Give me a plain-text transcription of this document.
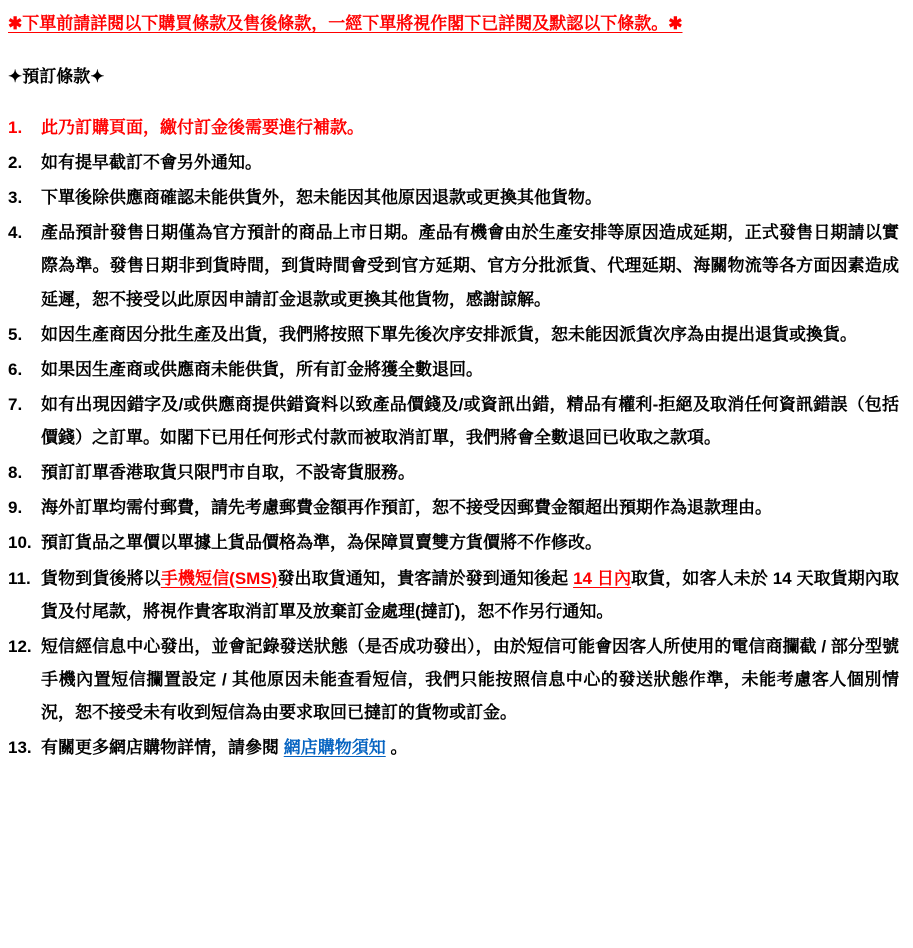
✱下單前請詳閱以下購買條款及售後條款，一經下單將視作閣下已詳閱及默認以下條款。✱
✦預訂條款✦
1.	此乃訂購頁面，繳付訂金後需要進行補款。
2.	如有提早截訂不會另外通知。
3.	下單後除供應商確認未能供貨外，恕未能因其他原因退款或更換其他貨物。
4.	產品預計發售日期僅為官方預計的商品上市日期。產品有機會由於生產安排等原因造成延期，正式發售日期請以實際為準。發售日期非到貨時間，到貨時間會受到官方延期、官方分批派貨、代理延期、海關物流等各方面因素造成延遲，恕不接受以此原因申請訂金退款或更換其他貨物，感謝諒解。
5.	如因生產商因分批生產及出貨，我們將按照下單先後次序安排派貨，恕未能因派貨次序為由提出退貨或換貨。
6.	如果因生產商或供應商未能供貨，所有訂金將獲全數退回。
7.	如有出現因錯字及/或供應商提供錯資料以致產品價錢及/或資訊出錯，精品有權利-拒絕及取消任何資訊錯誤（包括價錢）之訂單。如閣下已用任何形式付款而被取消訂單，我們將會全數退回已收取之款項。
8.	預訂訂單香港取貨只限門市自取，不設寄貨服務。
9.	海外訂單均需付郵費，請先考慮郵費金額再作預訂，恕不接受因郵費金額超出預期作為退款理由。
10. 預訂貨品之單價以單據上貨品價格為準，為保障買賣雙方貨價將不作修改。
11. 貨物到貨後將以手機短信(SMS)發出取貨通知，貴客請於發到通知後起 14 日內取貨，如客人未於 14 天取貨期內取貨及付尾款，將視作貴客取消訂單及放棄訂金處理(撻訂)，恕不作另行通知。
12. 短信經信息中心發出，並會記錄發送狀態（是否成功發出），由於短信可能會因客人所使用的電信商攔截 / 部分型號手機內置短信攔置設定 / 其他原因未能查看短信，我們只能按照信息中心的發送狀態作準，未能考慮客人個別情況，恕不接受未有收到短信為由要求取回已撻訂的貨物或訂金。
13. 有關更多網店購物詳情，請參閱 網店購物須知 。
